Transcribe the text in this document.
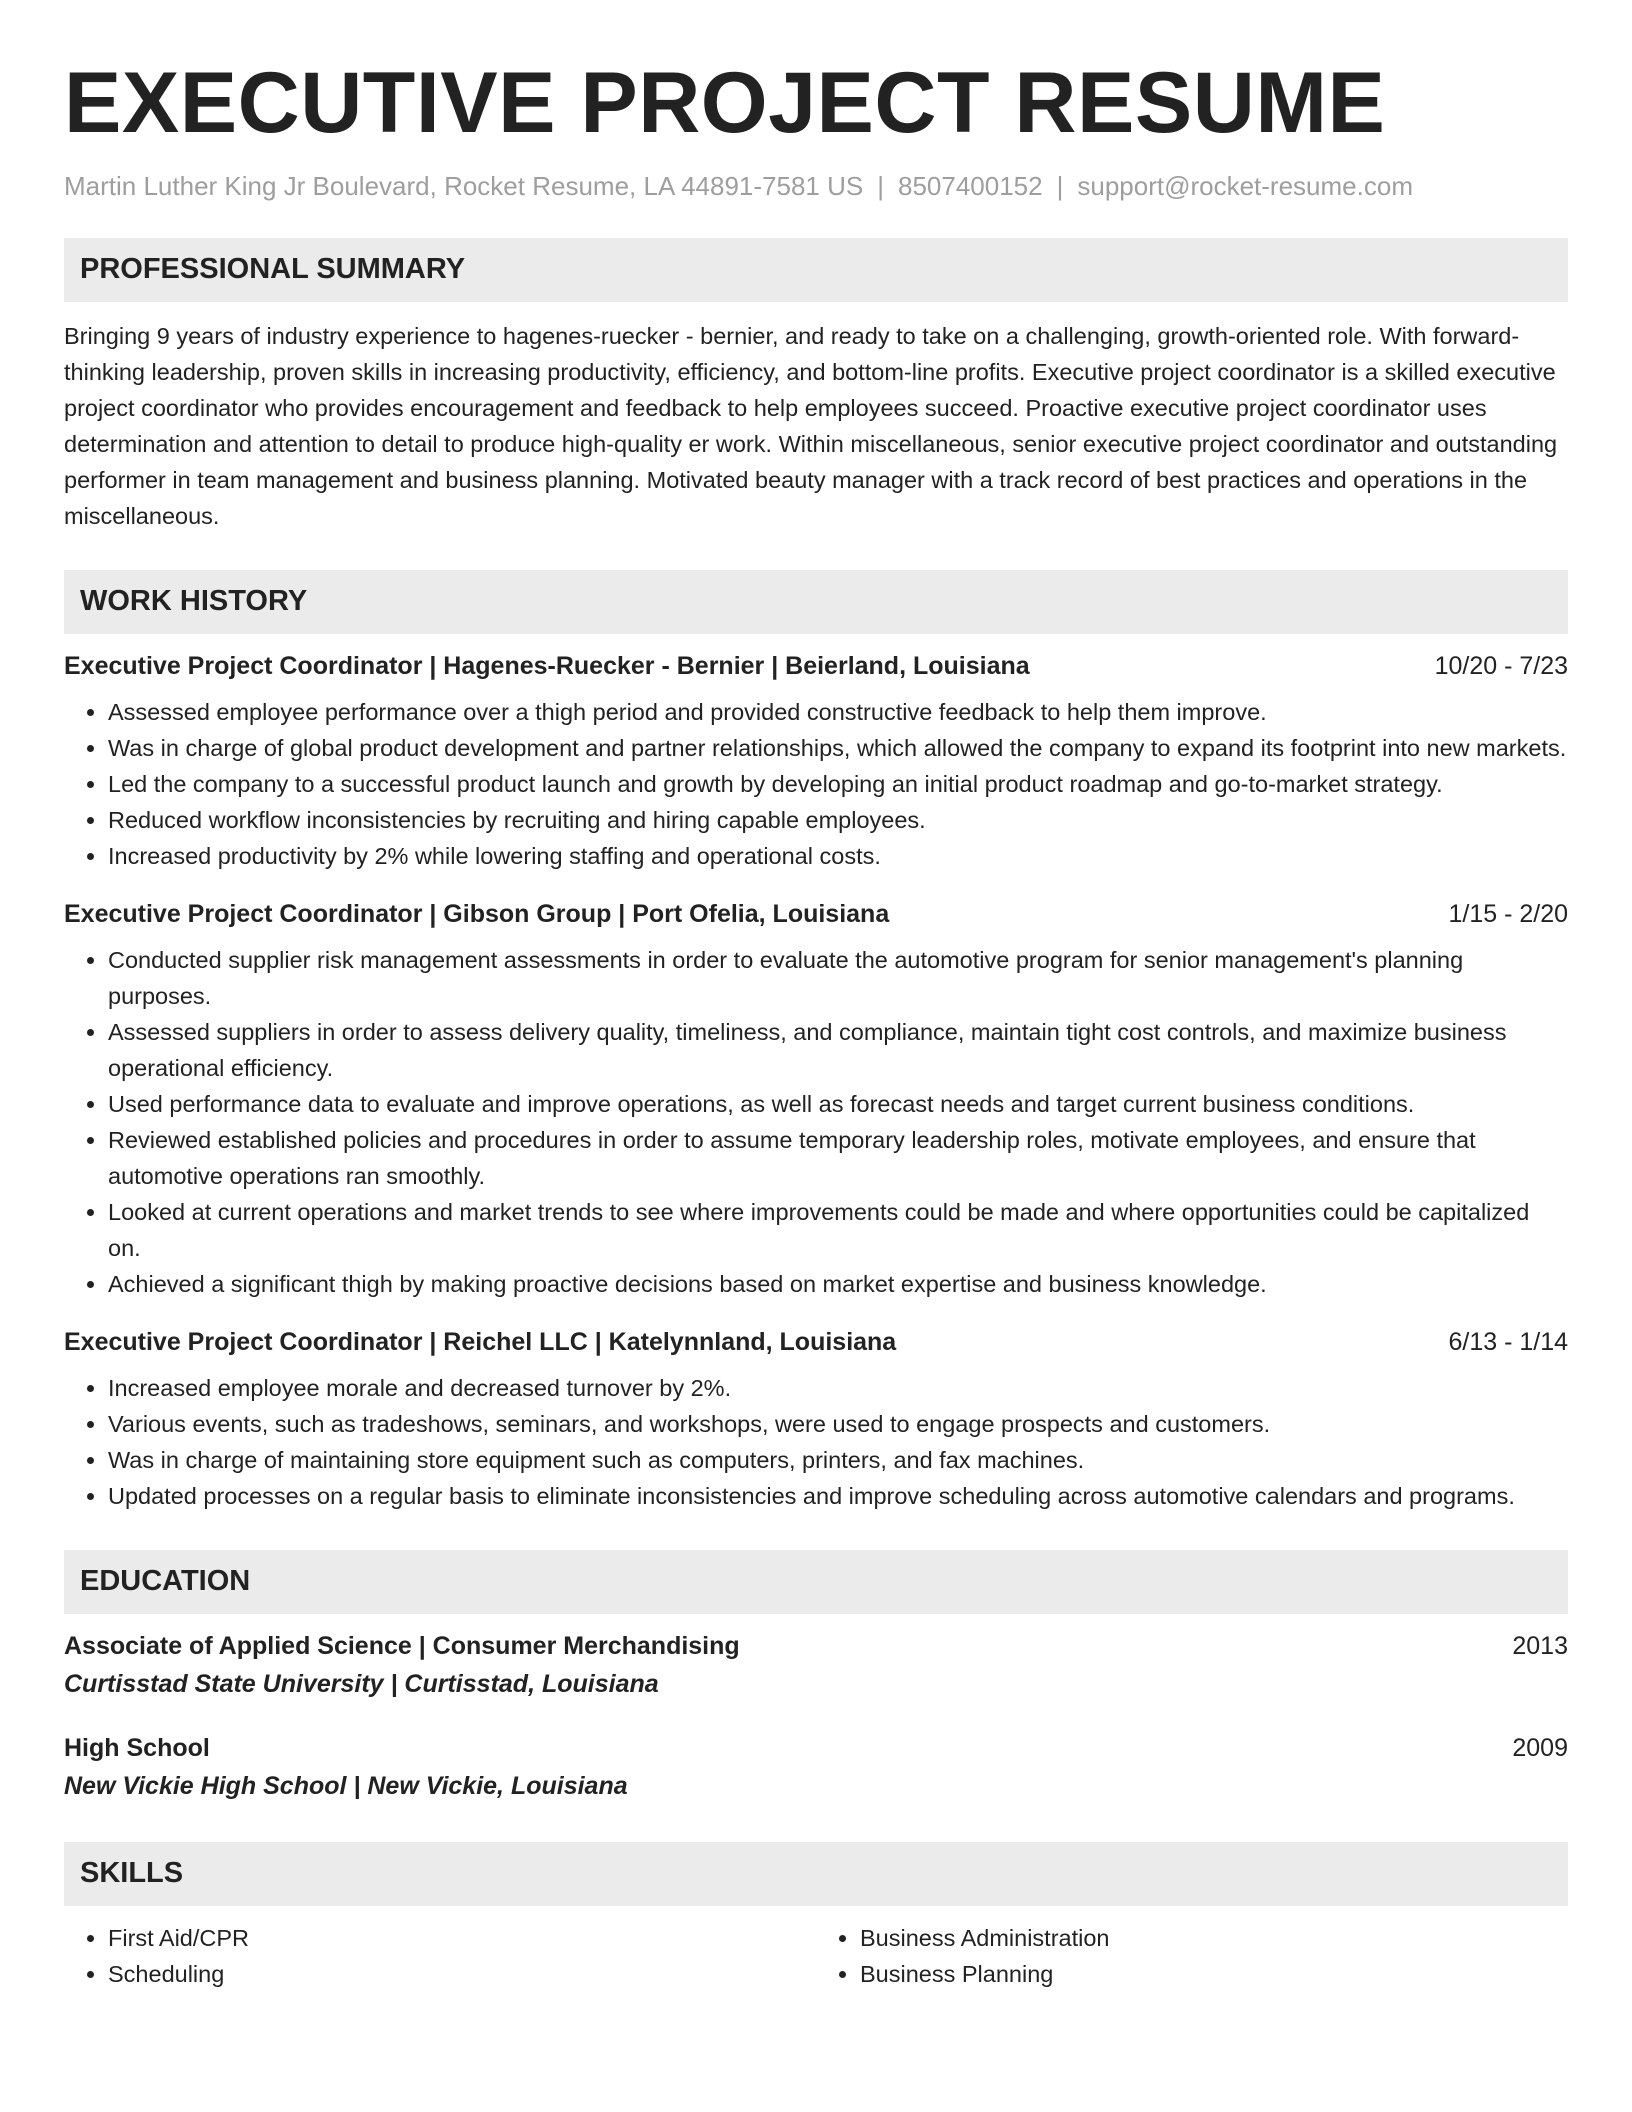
EXECUTIVE PROJECT RESUME
Martin Luther King Jr Boulevard, Rocket Resume, LA 44891-7581 US | 8507400152 | support@rocket-resume.com
PROFESSIONAL SUMMARY
Bringing 9 years of industry experience to hagenes-ruecker - bernier, and ready to take on a challenging, growth-oriented role. With forward-thinking leadership, proven skills in increasing productivity, efficiency, and bottom-line profits. Executive project coordinator is a skilled executive project coordinator who provides encouragement and feedback to help employees succeed. Proactive executive project coordinator uses determination and attention to detail to produce high-quality er work. Within miscellaneous, senior executive project coordinator and outstanding performer in team management and business planning. Motivated beauty manager with a track record of best practices and operations in the miscellaneous.
WORK HISTORY
Executive Project Coordinator | Hagenes-Ruecker - Bernier | Beierland, Louisiana	10/20 - 7/23
• Assessed employee performance over a thigh period and provided constructive feedback to help them improve.
• Was in charge of global product development and partner relationships, which allowed the company to expand its footprint into new markets.
• Led the company to a successful product launch and growth by developing an initial product roadmap and go-to-market strategy.
• Reduced workflow inconsistencies by recruiting and hiring capable employees.
• Increased productivity by 2% while lowering staffing and operational costs.
Executive Project Coordinator | Gibson Group | Port Ofelia, Louisiana	1/15 - 2/20
• Conducted supplier risk management assessments in order to evaluate the automotive program for senior management's planning purposes.
• Assessed suppliers in order to assess delivery quality, timeliness, and compliance, maintain tight cost controls, and maximize business operational efficiency.
• Used performance data to evaluate and improve operations, as well as forecast needs and target current business conditions.
• Reviewed established policies and procedures in order to assume temporary leadership roles, motivate employees, and ensure that automotive operations ran smoothly.
• Looked at current operations and market trends to see where improvements could be made and where opportunities could be capitalized on.
• Achieved a significant thigh by making proactive decisions based on market expertise and business knowledge.
Executive Project Coordinator | Reichel LLC | Katelynnland, Louisiana	6/13 - 1/14
• Increased employee morale and decreased turnover by 2%.
• Various events, such as tradeshows, seminars, and workshops, were used to engage prospects and customers.
• Was in charge of maintaining store equipment such as computers, printers, and fax machines.
• Updated processes on a regular basis to eliminate inconsistencies and improve scheduling across automotive calendars and programs.
EDUCATION
Associate of Applied Science | Consumer Merchandising	2013
Curtisstad State University | Curtisstad, Louisiana
High School	2009
New Vickie High School | New Vickie, Louisiana
SKILLS
• First Aid/CPR
• Scheduling
• Business Administration
• Business Planning
